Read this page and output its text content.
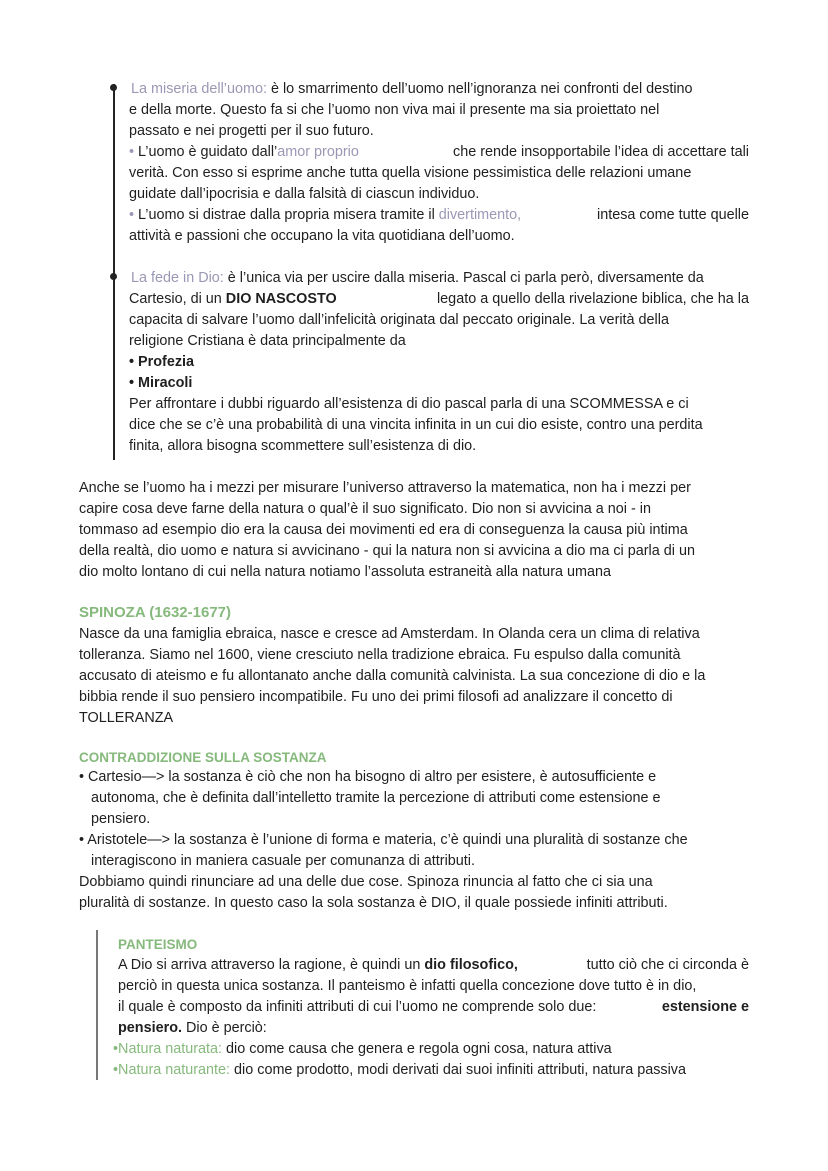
La miseria dell’uomo: è lo smarrimento dell’uomo nell’ignoranza nei confronti del destino
e della morte. Questo fa si che l’uomo non viva mai il presente ma sia proiettato nel
passato e nei progetti per il suo futuro.
• L’uomo è guidato dall’amor proprio	che rende insopportabile l’idea di accettare tali
verità. Con esso si esprime anche tutta quella visione pessimistica delle relazioni umane
guidate dall’ipocrisia e dalla falsità di ciascun individuo.
• L’uomo si distrae dalla propria misera tramite il divertimento,	intesa come tutte quelle
attività e passioni che occupano la vita quotidiana dell’uomo.
La fede in Dio: è l’unica via per uscire dalla miseria. Pascal ci parla però, diversamente da
Cartesio, di un DIO NASCOSTO	legato a quello della rivelazione biblica, che ha la
capacita di salvare l’uomo dall’infelicità originata dal peccato originale. La verità della
religione Cristiana è data principalmente da
• Profezia
• Miracoli
Per affrontare i dubbi riguardo all’esistenza di dio pascal parla di una SCOMMESSA e ci
dice che se c’è una probabilità di una vincita infinita in un cui dio esiste, contro una perdita
finita, allora bisogna scommettere sull’esistenza di dio.
Anche se l’uomo ha i mezzi per misurare l’universo attraverso la matematica, non ha i mezzi per
capire cosa deve farne della natura o qual’è il suo significato. Dio non si avvicina a noi - in
tommaso ad esempio dio era la causa dei movimenti ed era di conseguenza la causa più intima
della realtà, dio uomo e natura si avvicinano - qui la natura non si avvicina a dio ma ci parla di un
dio molto lontano di cui nella natura notiamo l’assoluta estraneità alla natura umana
SPINOZA (1632-1677)
Nasce da una famiglia ebraica, nasce e cresce ad Amsterdam. In Olanda cera un clima di relativa
tolleranza. Siamo nel 1600, viene cresciuto nella tradizione ebraica. Fu espulso dalla comunità
accusato di ateismo e fu allontanato anche dalla comunità calvinista. La sua concezione di dio e la
bibbia rende il suo pensiero incompatibile. Fu uno dei primi filosofi ad analizzare il concetto di
TOLLERANZA
CONTRADDIZIONE SULLA SOSTANZA
• Cartesio—> la sostanza è ciò che non ha bisogno di altro per esistere, è autosufficiente e
autonoma, che è definita dall’intelletto tramite la percezione di attributi come estensione e
pensiero.
• Aristotele—> la sostanza è l’unione di forma e materia, c’è quindi una pluralità di sostanze che
interagiscono in maniera casuale per comunanza di attributi.
Dobbiamo quindi rinunciare ad una delle due cose. Spinoza rinuncia al fatto che ci sia una
pluralità di sostanze. In questo caso la sola sostanza è DIO, il quale possiede infiniti attributi.
PANTEISMO
A Dio si arriva attraverso la ragione, è quindi un dio filosofico,	tutto ciò che ci circonda è
perciò in questa unica sostanza. Il panteismo è infatti quella concezione dove tutto è in dio,
il quale è composto da infiniti attributi di cui l’uomo ne comprende solo due:	estensione e
pensiero. Dio è perciò:
•Natura naturata: dio come causa che genera e regola ogni cosa, natura attiva
•Natura naturante: dio come prodotto, modi derivati dai suoi infiniti attributi, natura passiva
